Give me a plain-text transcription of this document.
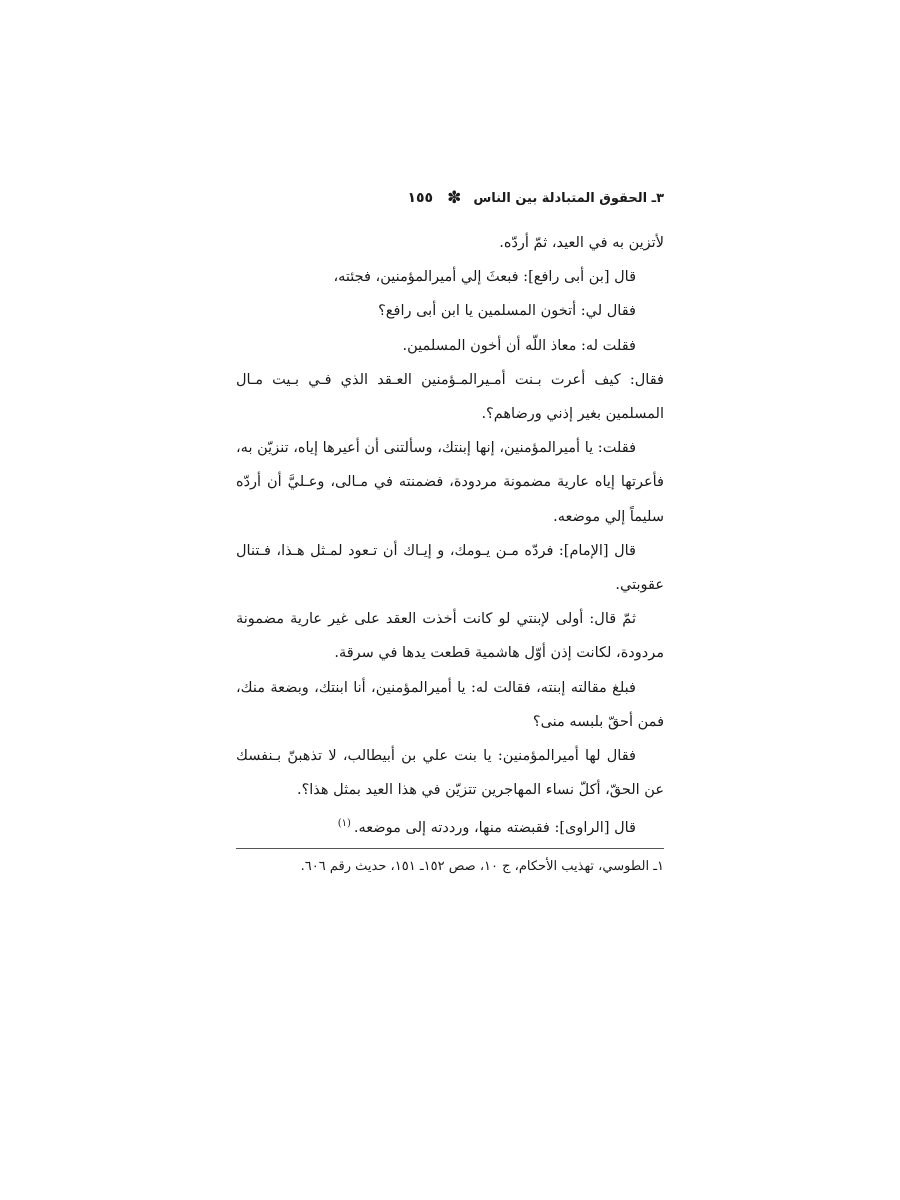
٣ـ الحقوق المتبادلة بين الناس
✽
١٥٥

لأتزين به في العيد، ثمّ أردّه.

قال [بن أبى رافع]: فبعثَ إلي أميرالمؤمنين، فجئته،

فقال لي: أتخون المسلمين يا ابن أبى رافع؟

فقلت له: معاذ اللّه أن أخون المسلمين.

فقال: كيف أعرت بـنت أمـيرالمـؤمنين العـقد الذي فـي بـيت مـال المسلمين بغير إذني ورضاهم؟.

فقلت: يا أميرالمؤمنين، إنها إبنتك، وسألتنى أن أعيرها إياه، تنزيّن به، فأعرتها إياه عارية مضمونة مردودة، فضمنته في مـالى، وعـليَّ أن أردّه سليماً إلي موضعه.

قال [الإمام]: فردّه مـن يـومك، و إيـاك أن تـعود لمـثل هـذا، فـتنال عقوبتي.

ثمّ قال: أولى لإبنتي لو كانت أخذت العقد على غير عارية مضمونة مردودة، لكانت إذن أوّل هاشمية قطعت يدها في سرقة.

فبلغ مقالته إبنته، فقالت له: يا أميرالمؤمنين، أنا ابنتك، وبضعة منك، فمن أحقّ بلبسه منى؟

فقال لها أميرالمؤمنين: يا بنت علي بن أبيطالب، لا تذهبنّ بـنفسك عن الحقّ، أكلّ نساء المهاجرين تتزيّن في هذا العيد بمثل هذا؟.

قال [الراوى]: فقبضته منها، ورددته إلى موضعه.$^{(١)}$

١ـ الطوسي، تهذيب الأحكام، ج ١٠، صص ١٥٢ـ ١٥١، حديث رقم ٦٠٦.
